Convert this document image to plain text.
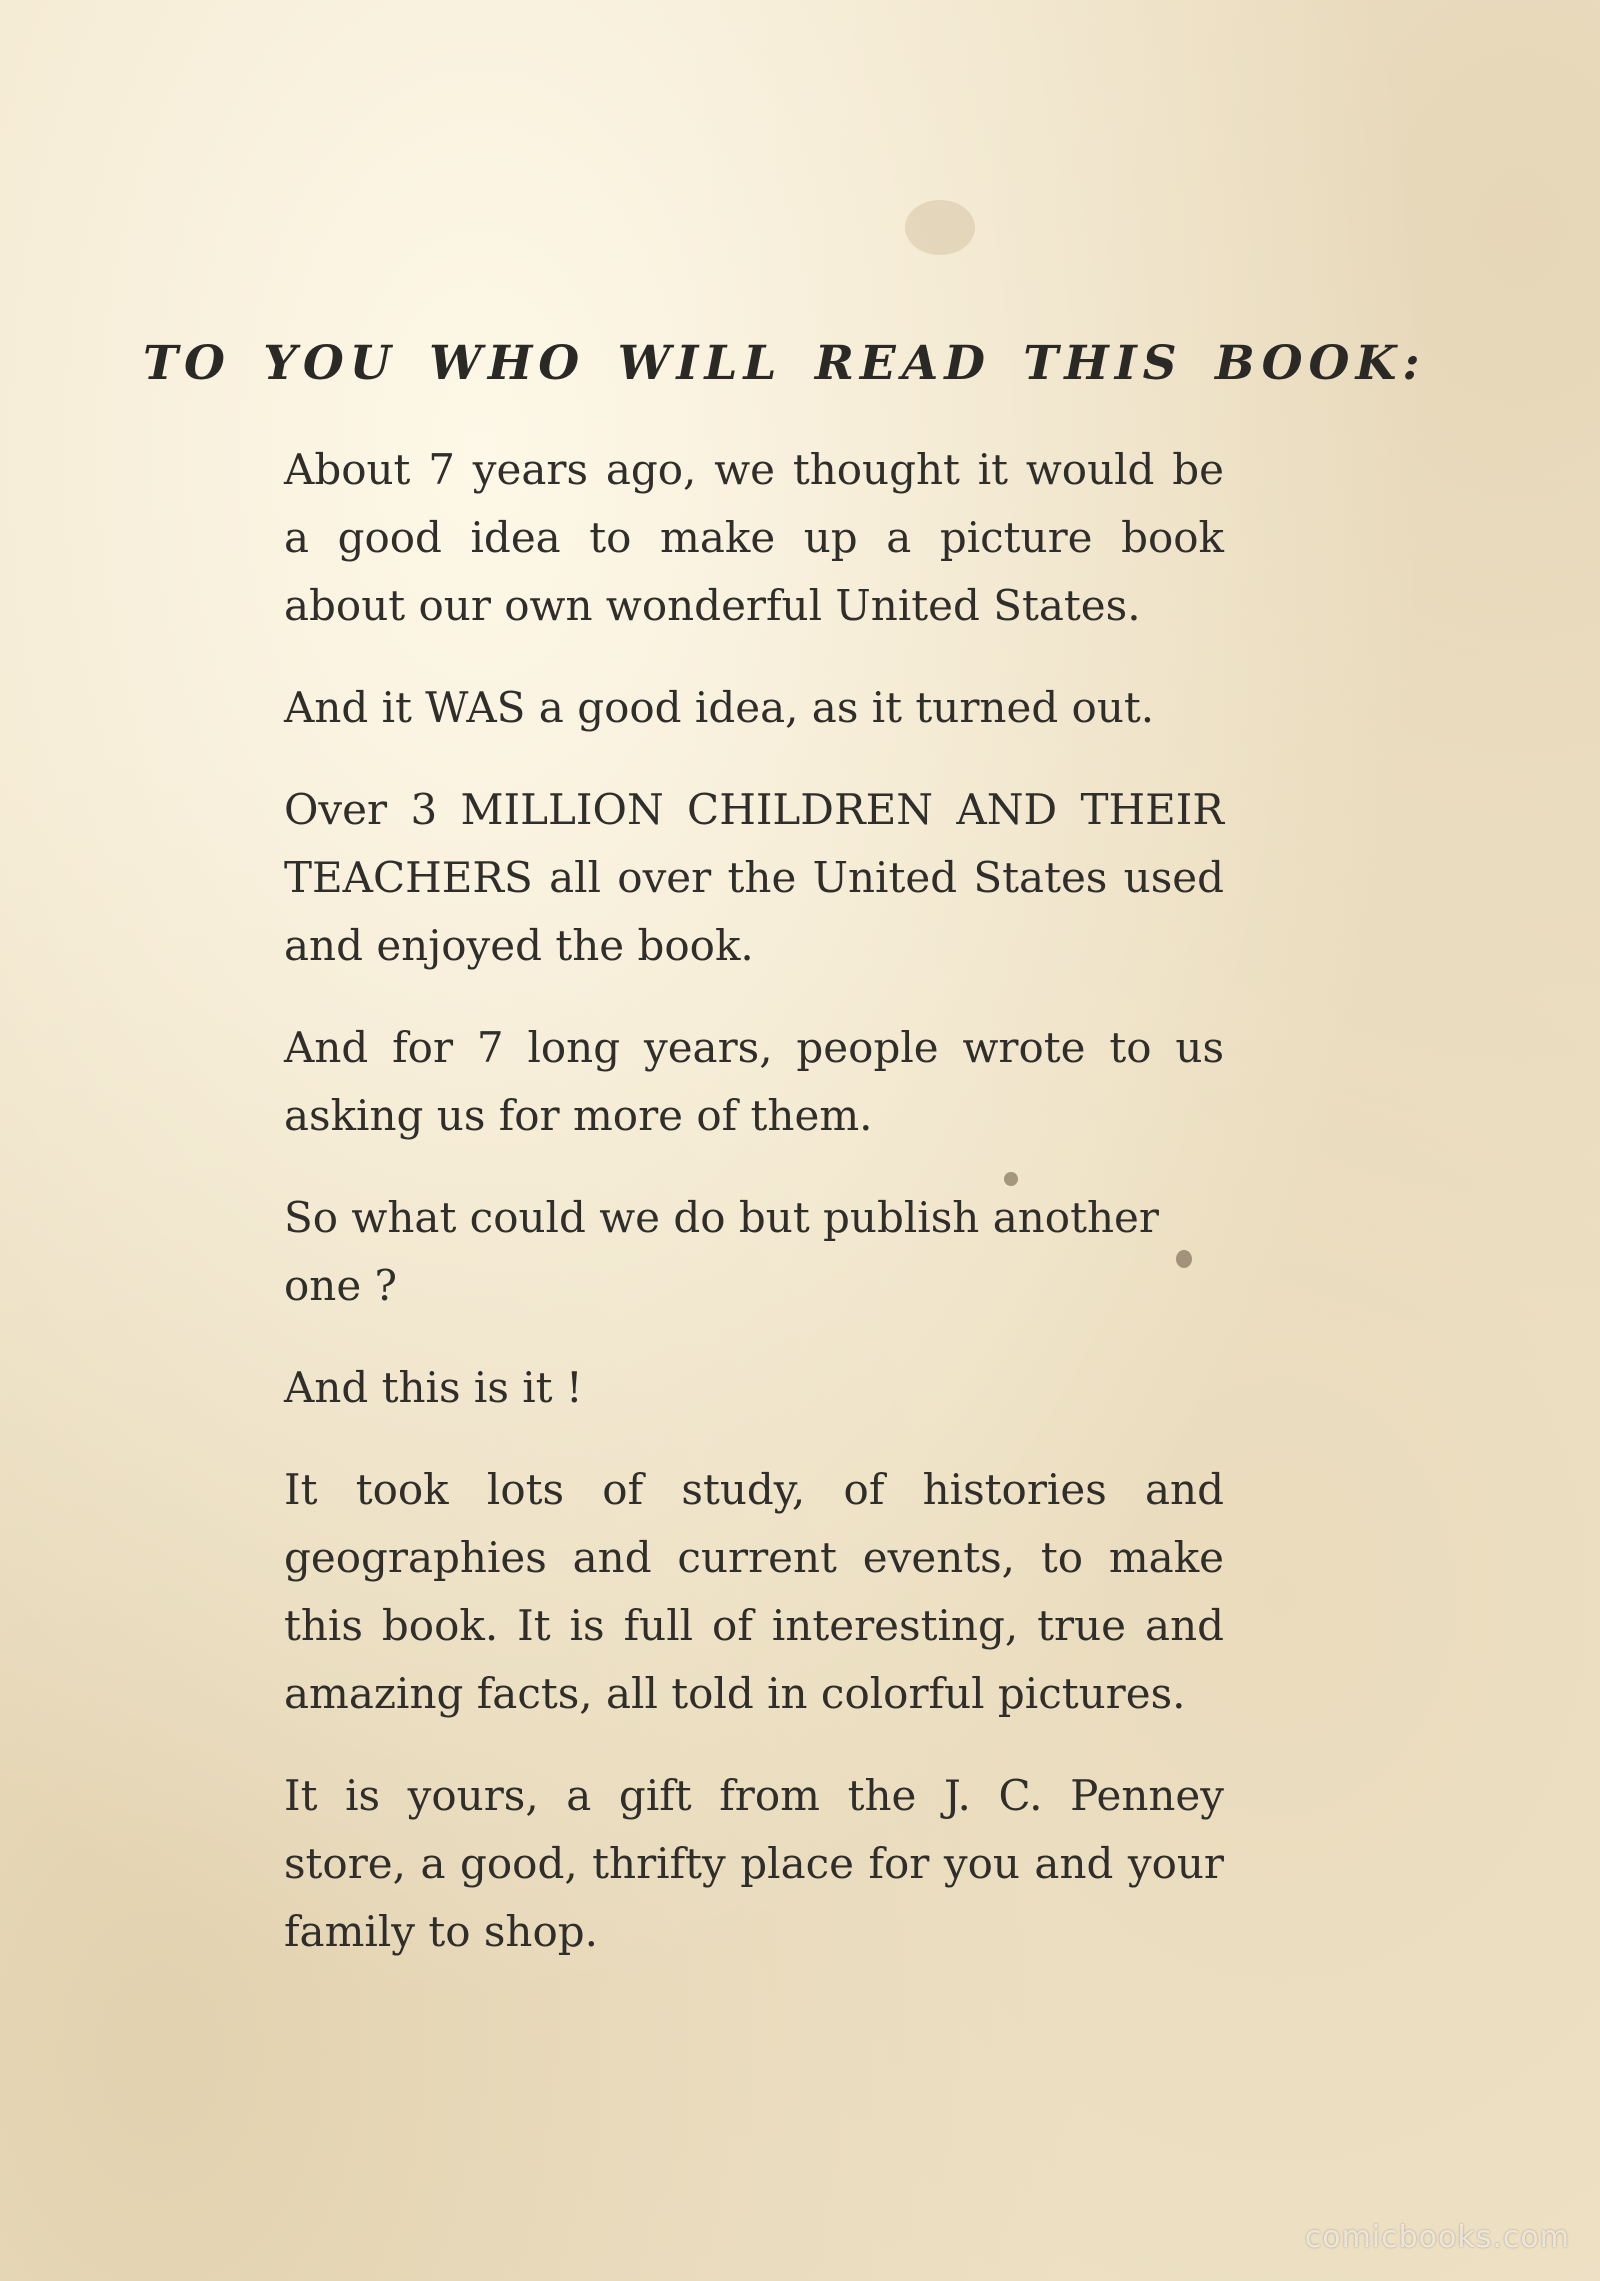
TO YOU WHO WILL READ THIS BOOK:

About 7 years ago, we thought it would be a good idea to make up a picture book about our own wonderful United States.

And it WAS a good idea, as it turned out.

Over 3 MILLION CHILDREN AND THEIR TEACHERS all over the United States used and enjoyed the book.

And for 7 long years, people wrote to us asking us for more of them.

So what could we do but publish another one ?

And this is it !

It took lots of study, of histories and geographies and current events, to make this book. It is full of interesting, true and amazing facts, all told in colorful pictures.

It is yours, a gift from the J. C. Penney store, a good, thrifty place for you and your family to shop.

comicbooks.com
